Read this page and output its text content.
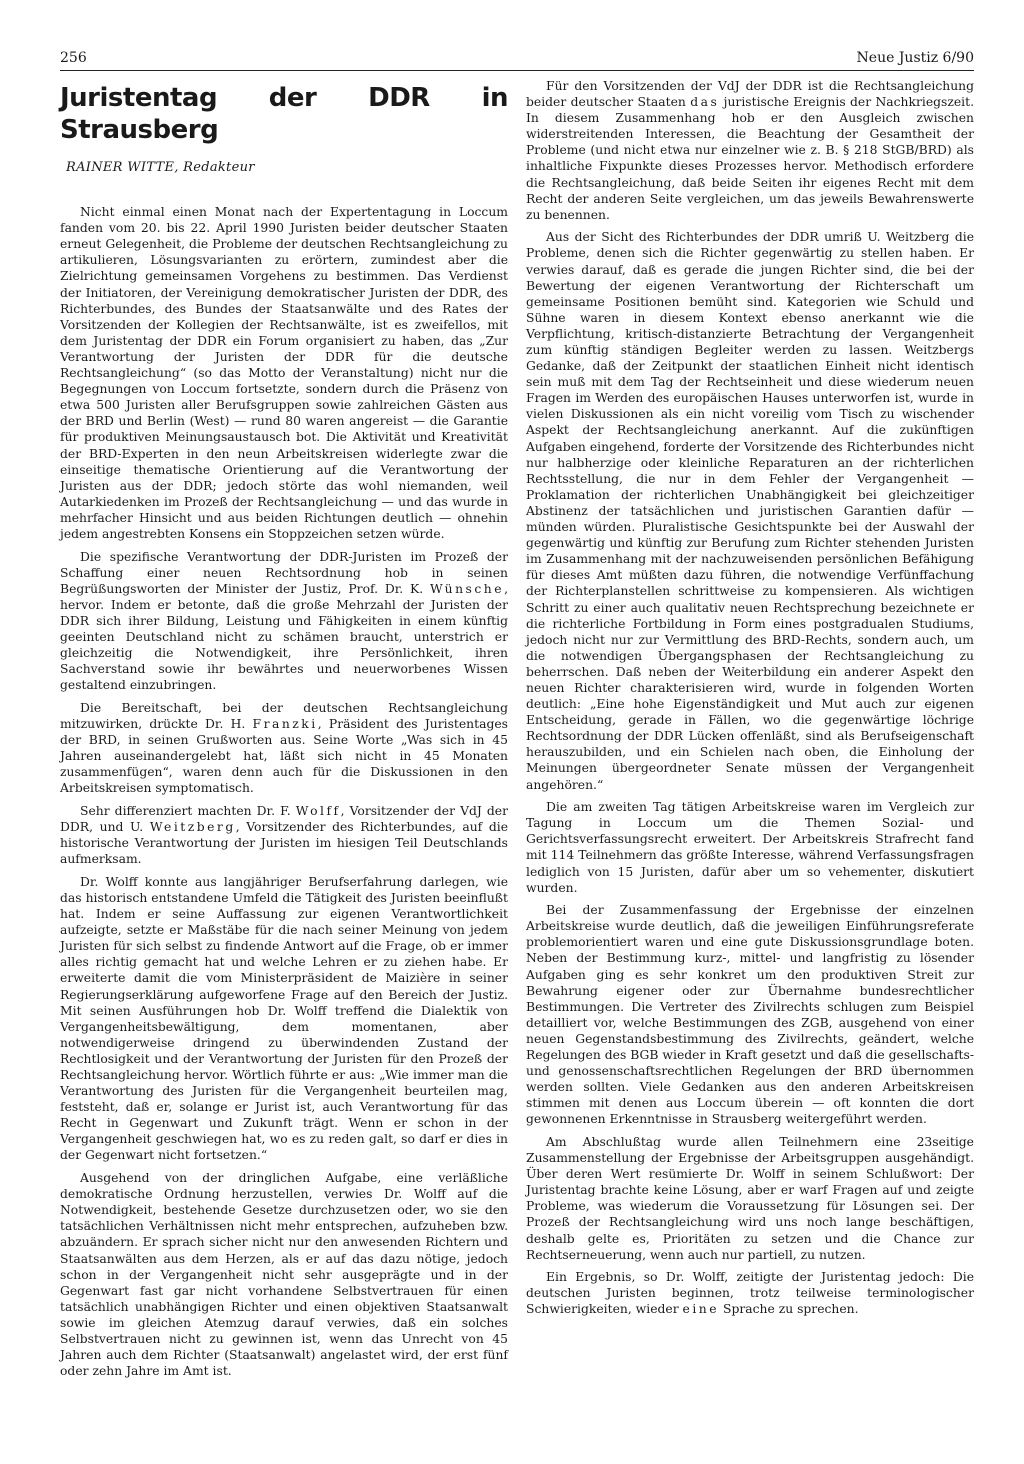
256	Neue Justiz 6/90
Juristentag der DDR in Strausberg
RAINER WITTE, Redakteur

Nicht einmal einen Monat nach der Expertentagung in Loccum fanden vom 20. bis 22. April 1990 Juristen beider deutscher Staaten erneut Gelegenheit, die Probleme der deutschen Rechtsangleichung zu artikulieren, Lösungsvarianten zu erörtern, zumindest aber die Zielrichtung gemeinsamen Vorgehens zu bestimmen. Das Verdienst der Initiatoren, der Vereinigung demokratischer Juristen der DDR, des Richterbundes, des Bundes der Staatsanwälte und des Rates der Vorsitzenden der Kollegien der Rechtsanwälte, ist es zweifellos, mit dem Juristentag der DDR ein Forum organisiert zu haben, das „Zur Verantwortung der Juristen der DDR für die deutsche Rechtsangleichung“ (so das Motto der Veranstaltung) nicht nur die Begegnungen von Loccum fortsetzte, sondern durch die Präsenz von etwa 500 Juristen aller Berufsgruppen sowie zahlreichen Gästen aus der BRD und Berlin (West) — rund 80 waren angereist — die Garantie für produktiven Meinungsaustausch bot. Die Aktivität und Kreativität der BRD-Experten in den neun Arbeitskreisen widerlegte zwar die einseitige thematische Orientierung auf die Verantwortung der Juristen aus der DDR; jedoch störte das wohl niemanden, weil Autarkiedenken im Prozeß der Rechtsangleichung — und das wurde in mehrfacher Hinsicht und aus beiden Richtungen deutlich — ohnehin jedem angestrebten Konsens ein Stoppzeichen setzen würde.

Die spezifische Verantwortung der DDR-Juristen im Prozeß der Schaffung einer neuen Rechtsordnung hob in seinen Begrüßungsworten der Minister der Justiz, Prof. Dr. K. Wünsche, hervor. Indem er betonte, daß die große Mehrzahl der Juristen der DDR sich ihrer Bildung, Leistung und Fähigkeiten in einem künftig geeinten Deutschland nicht zu schämen braucht, unterstrich er gleichzeitig die Notwendigkeit, ihre Persönlichkeit, ihren Sachverstand sowie ihr bewährtes und neuerworbenes Wissen gestaltend einzubringen.

Die Bereitschaft, bei der deutschen Rechtsangleichung mitzuwirken, drückte Dr. H. Franzki, Präsident des Juristentages der BRD, in seinen Grußworten aus. Seine Worte „Was sich in 45 Jahren auseinandergelebt hat, läßt sich nicht in 45 Monaten zusammenfügen“, waren denn auch für die Diskussionen in den Arbeitskreisen symptomatisch.

Sehr differenziert machten Dr. F. Wolff, Vorsitzender der VdJ der DDR, und U. Weitzberg, Vorsitzender des Richterbundes, auf die historische Verantwortung der Juristen im hiesigen Teil Deutschlands aufmerksam.

Dr. Wolff konnte aus langjähriger Berufserfahrung darlegen, wie das historisch entstandene Umfeld die Tätigkeit des Juristen beeinflußt hat. Indem er seine Auffassung zur eigenen Verantwortlichkeit aufzeigte, setzte er Maßstäbe für die nach seiner Meinung von jedem Juristen für sich selbst zu findende Antwort auf die Frage, ob er immer alles richtig gemacht hat und welche Lehren er zu ziehen habe. Er erweiterte damit die vom Ministerpräsident de Maizière in seiner Regierungserklärung aufgeworfene Frage auf den Bereich der Justiz. Mit seinen Ausführungen hob Dr. Wolff treffend die Dialektik von Vergangenheitsbewältigung, dem momentanen, aber notwendigerweise dringend zu überwindenden Zustand der Rechtlosigkeit und der Verantwortung der Juristen für den Prozeß der Rechtsangleichung hervor. Wörtlich führte er aus: „Wie immer man die Verantwortung des Juristen für die Vergangenheit beurteilen mag, feststeht, daß er, solange er Jurist ist, auch Verantwortung für das Recht in Gegenwart und Zukunft trägt. Wenn er schon in der Vergangenheit geschwiegen hat, wo es zu reden galt, so darf er dies in der Gegenwart nicht fortsetzen.“

Ausgehend von der dringlichen Aufgabe, eine verläßliche demokratische Ordnung herzustellen, verwies Dr. Wolff auf die Notwendigkeit, bestehende Gesetze durchzusetzen oder, wo sie den tatsächlichen Verhältnissen nicht mehr entsprechen, aufzuheben bzw. abzuändern. Er sprach sicher nicht nur den anwesenden Richtern und Staatsanwälten aus dem Herzen, als er auf das dazu nötige, jedoch schon in der Vergangenheit nicht sehr ausgeprägte und in der Gegenwart fast gar nicht vorhandene Selbstvertrauen für einen tatsächlich unabhängigen Richter und einen objektiven Staatsanwalt sowie im gleichen Atemzug darauf verwies, daß ein solches Selbstvertrauen nicht zu gewinnen ist, wenn das Unrecht von 45 Jahren auch dem Richter (Staatsanwalt) angelastet wird, der erst fünf oder zehn Jahre im Amt ist.

Für den Vorsitzenden der VdJ der DDR ist die Rechtsangleichung beider deutscher Staaten das juristische Ereignis der Nachkriegszeit. In diesem Zusammenhang hob er den Ausgleich zwischen widerstreitenden Interessen, die Beachtung der Gesamtheit der Probleme (und nicht etwa nur einzelner wie z. B. § 218 StGB/BRD) als inhaltliche Fixpunkte dieses Prozesses hervor. Methodisch erfordere die Rechtsangleichung, daß beide Seiten ihr eigenes Recht mit dem Recht der anderen Seite vergleichen, um das jeweils Bewahrenswerte zu benennen.

Aus der Sicht des Richterbundes der DDR umriß U. Weitzberg die Probleme, denen sich die Richter gegenwärtig zu stellen haben. Er verwies darauf, daß es gerade die jungen Richter sind, die bei der Bewertung der eigenen Verantwortung der Richterschaft um gemeinsame Positionen bemüht sind. Kategorien wie Schuld und Sühne waren in diesem Kontext ebenso anerkannt wie die Verpflichtung, kritisch-distanzierte Betrachtung der Vergangenheit zum künftig ständigen Begleiter werden zu lassen. Weitzbergs Gedanke, daß der Zeitpunkt der staatlichen Einheit nicht identisch sein muß mit dem Tag der Rechtseinheit und diese wiederum neuen Fragen im Werden des europäischen Hauses unterworfen ist, wurde in vielen Diskussionen als ein nicht voreilig vom Tisch zu wischender Aspekt der Rechtsangleichung anerkannt. Auf die zukünftigen Aufgaben eingehend, forderte der Vorsitzende des Richterbundes nicht nur halbherzige oder kleinliche Reparaturen an der richterlichen Rechtsstellung, die nur in dem Fehler der Vergangenheit — Proklamation der richterlichen Unabhängigkeit bei gleichzeitiger Abstinenz der tatsächlichen und juristischen Garantien dafür — münden würden. Pluralistische Gesichtspunkte bei der Auswahl der gegenwärtig und künftig zur Berufung zum Richter stehenden Juristen im Zusammenhang mit der nachzuweisenden persönlichen Befähigung für dieses Amt müßten dazu führen, die notwendige Verfünffachung der Richterplanstellen schrittweise zu kompensieren. Als wichtigen Schritt zu einer auch qualitativ neuen Rechtsprechung bezeichnete er die richterliche Fortbildung in Form eines postgradualen Studiums, jedoch nicht nur zur Vermittlung des BRD-Rechts, sondern auch, um die notwendigen Übergangsphasen der Rechtsangleichung zu beherrschen. Daß neben der Weiterbildung ein anderer Aspekt den neuen Richter charakterisieren wird, wurde in folgenden Worten deutlich: „Eine hohe Eigenständigkeit und Mut auch zur eigenen Entscheidung, gerade in Fällen, wo die gegenwärtige löchrige Rechtsordnung der DDR Lücken offenläßt, sind als Berufseigenschaft herauszubilden, und ein Schielen nach oben, die Einholung der Meinungen übergeordneter Senate müssen der Vergangenheit angehören.“

Die am zweiten Tag tätigen Arbeitskreise waren im Vergleich zur Tagung in Loccum um die Themen Sozial- und Gerichtsverfassungsrecht erweitert. Der Arbeitskreis Strafrecht fand mit 114 Teilnehmern das größte Interesse, während Verfassungsfragen lediglich von 15 Juristen, dafür aber um so vehementer, diskutiert wurden.

Bei der Zusammenfassung der Ergebnisse der einzelnen Arbeitskreise wurde deutlich, daß die jeweiligen Einführungsreferate problemorientiert waren und eine gute Diskussionsgrundlage boten. Neben der Bestimmung kurz-, mittel- und langfristig zu lösender Aufgaben ging es sehr konkret um den produktiven Streit zur Bewahrung eigener oder zur Übernahme bundesrechtlicher Bestimmungen. Die Vertreter des Zivilrechts schlugen zum Beispiel detailliert vor, welche Bestimmungen des ZGB, ausgehend von einer neuen Gegenstandsbestimmung des Zivilrechts, geändert, welche Regelungen des BGB wieder in Kraft gesetzt und daß die gesellschafts- und genossenschaftsrechtlichen Regelungen der BRD übernommen werden sollten. Viele Gedanken aus den anderen Arbeitskreisen stimmen mit denen aus Loccum überein — oft konnten die dort gewonnenen Erkenntnisse in Strausberg weitergeführt werden.

Am Abschlußtag wurde allen Teilnehmern eine 23seitige Zusammenstellung der Ergebnisse der Arbeitsgruppen ausgehändigt. Über deren Wert resümierte Dr. Wolff in seinem Schlußwort: Der Juristentag brachte keine Lösung, aber er warf Fragen auf und zeigte Probleme, was wiederum die Voraussetzung für Lösungen sei. Der Prozeß der Rechtsangleichung wird uns noch lange beschäftigen, deshalb gelte es, Prioritäten zu setzen und die Chance zur Rechtserneuerung, wenn auch nur partiell, zu nutzen.

Ein Ergebnis, so Dr. Wolff, zeitigte der Juristentag jedoch: Die deutschen Juristen beginnen, trotz teilweise terminologischer Schwierigkeiten, wieder eine Sprache zu sprechen.
